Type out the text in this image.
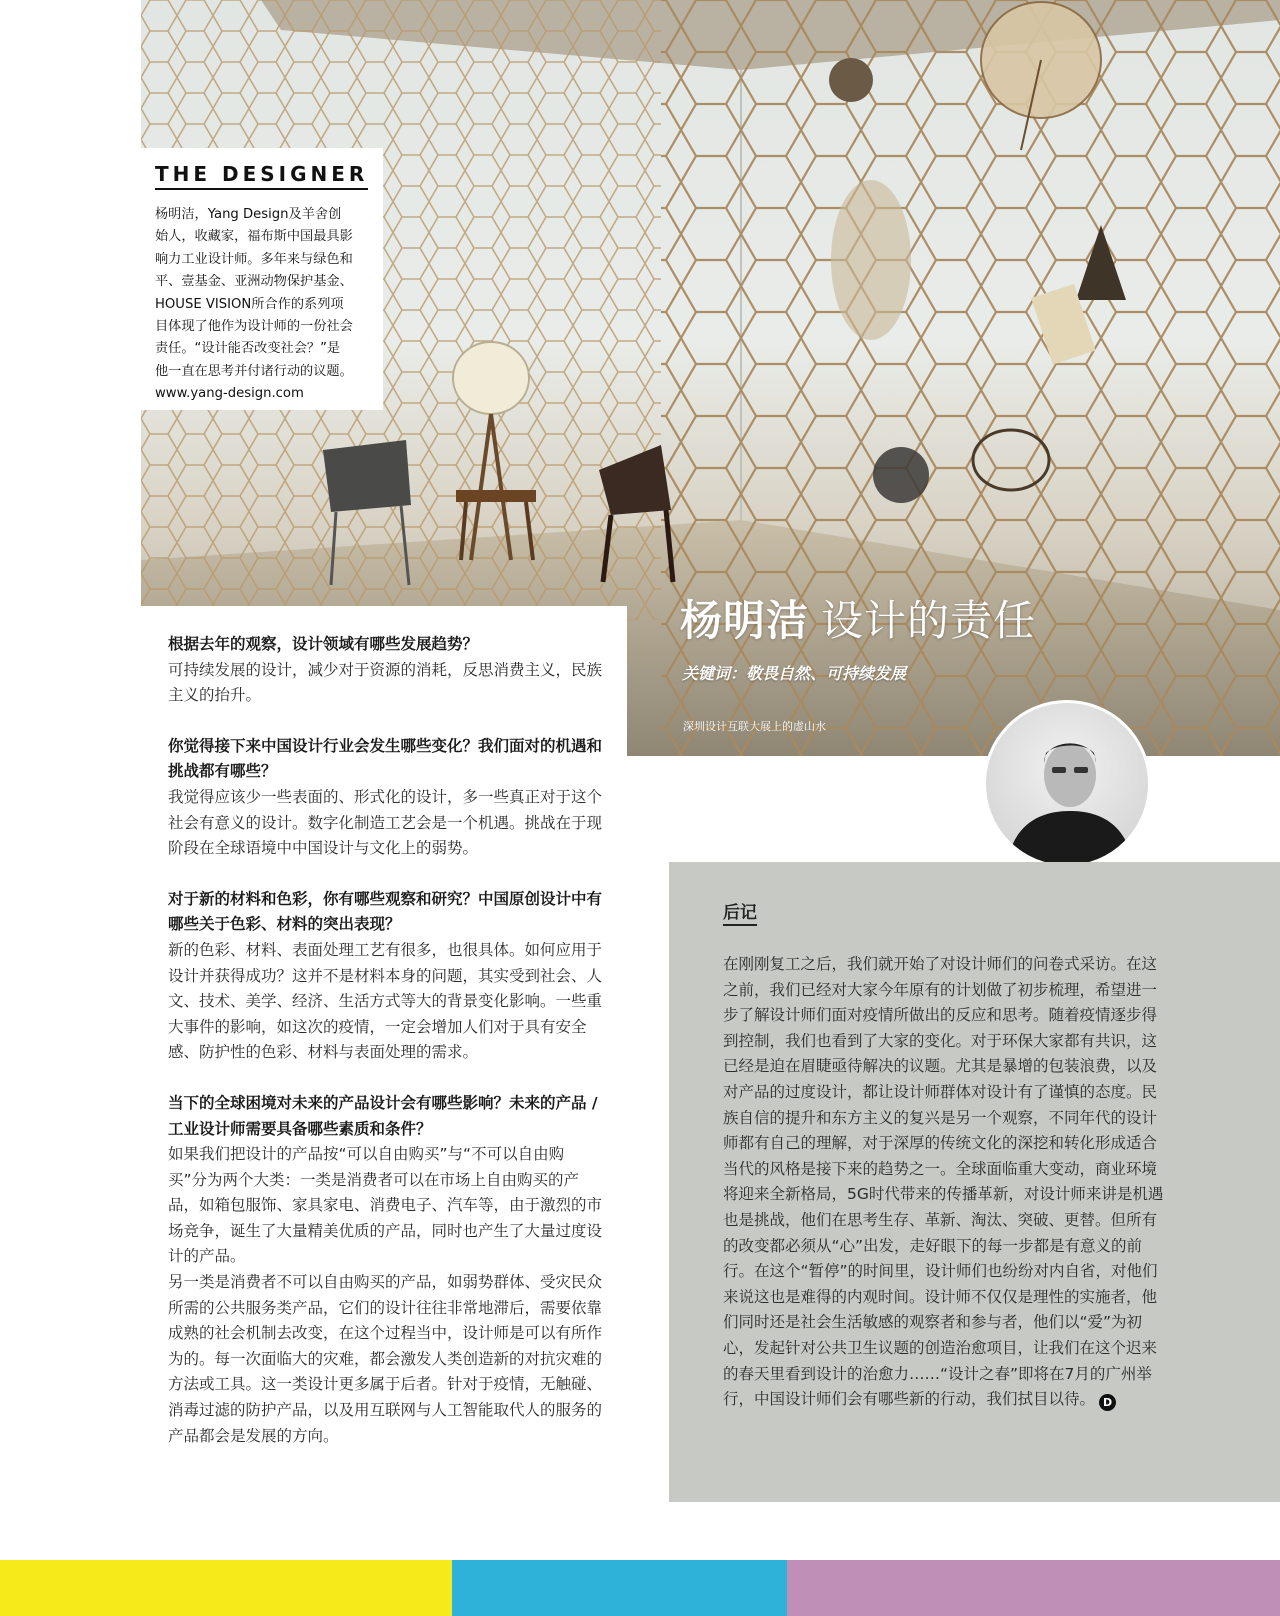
THE DESIGNER
杨明洁，Yang Design及羊舍创
始人，收藏家，福布斯中国最具影
响力工业设计师。多年来与绿色和
平、壹基金、亚洲动物保护基金、
HOUSE VISION所合作的系列项
目体现了他作为设计师的一份社会
责任。“设计能否改变社会？”是
他一直在思考并付诸行动的议题。
www.yang-design.com
杨明洁 设计的责任
关键词：敬畏自然、可持续发展
深圳设计互联大展上的虚山水

根据去年的观察，设计领域有哪些发展趋势？

可持续发展的设计，减少对于资源的消耗，反思消费主义，民族主义的抬升。

你觉得接下来中国设计行业会发生哪些变化？我们面对的机遇和挑战都有哪些？

我觉得应该少一些表面的、形式化的设计，多一些真正对于这个社会有意义的设计。数字化制造工艺会是一个机遇。挑战在于现阶段在全球语境中中国设计与文化上的弱势。

对于新的材料和色彩，你有哪些观察和研究？中国原创设计中有哪些关于色彩、材料的突出表现？

新的色彩、材料、表面处理工艺有很多，也很具体。如何应用于设计并获得成功？这并不是材料本身的问题，其实受到社会、人文、技术、美学、经济、生活方式等大的背景变化影响。一些重大事件的影响，如这次的疫情，一定会增加人们对于具有安全感、防护性的色彩、材料与表面处理的需求。

当下的全球困境对未来的产品设计会有哪些影响？未来的产品 / 工业设计师需要具备哪些素质和条件？

如果我们把设计的产品按“可以自由购买”与“不可以自由购买”分为两个大类：一类是消费者可以在市场上自由购买的产品，如箱包服饰、家具家电、消费电子、汽车等，由于激烈的市场竞争，诞生了大量精美优质的产品，同时也产生了大量过度设计的产品。

另一类是消费者不可以自由购买的产品，如弱势群体、受灾民众所需的公共服务类产品，它们的设计往往非常地滞后，需要依靠成熟的社会机制去改变，在这个过程当中，设计师是可以有所作为的。每一次面临大的灾难，都会激发人类创造新的对抗灾难的方法或工具。这一类设计更多属于后者。针对于疫情，无触碰、消毒过滤的防护产品，以及用互联网与人工智能取代人的服务的产品都会是发展的方向。

后记
在刚刚复工之后，我们就开始了对设计师们的问卷式采访。在这之前，我们已经对大家今年原有的计划做了初步梳理，希望进一步了解设计师们面对疫情所做出的反应和思考。随着疫情逐步得到控制，我们也看到了大家的变化。对于环保大家都有共识，这已经是迫在眉睫亟待解决的议题。尤其是暴增的包装浪费，以及对产品的过度设计，都让设计师群体对设计有了谨慎的态度。民族自信的提升和东方主义的复兴是另一个观察，不同年代的设计师都有自己的理解，对于深厚的传统文化的深挖和转化形成适合当代的风格是接下来的趋势之一。全球面临重大变动，商业环境将迎来全新格局，5G时代带来的传播革新，对设计师来讲是机遇也是挑战，他们在思考生存、革新、淘汰、突破、更替。但所有的改变都必须从“心”出发，走好眼下的每一步都是有意义的前行。在这个“暂停”的时间里，设计师们也纷纷对内自省，对他们来说这也是难得的内观时间。设计师不仅仅是理性的实施者，他们同时还是社会生活敏感的观察者和参与者，他们以“爱”为初心，发起针对公共卫生议题的创造治愈项目，让我们在这个迟来的春天里看到设计的治愈力……“设计之春”即将在7月的广州举行，中国设计师们会有哪些新的行动，我们拭目以待。 D
